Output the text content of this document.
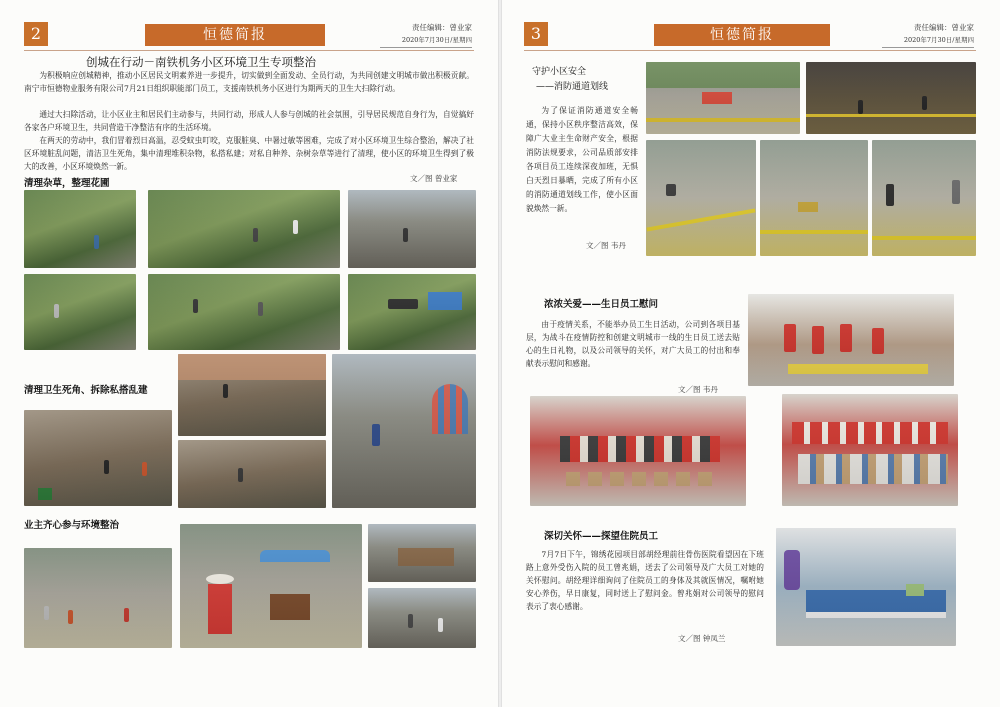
2	恒德简报	责任编辑：曾业家
2020年7月30日/星期四
创城在行动－南铁机务小区环境卫生专项整治

为积极响应创城精神，推动小区居民文明素养进一步提升，切实做到全面发动、全员行动，为共同创建文明城市做出积极贡献。南宁市恒德物业服务有限公司7月21日组织职能部门员工，支援南铁机务小区进行为期两天的卫生大扫除行动。

通过大扫除活动，让小区业主和居民们主动参与，共同行动，形成人人参与创城的社会氛围，引导居民规范自身行为，自觉搞好各家各户环境卫生，共同营造干净整洁有序的生活环境。

在两天的劳动中，我们冒着烈日高温，忍受蚊虫叮咬，克服脏臭、中暑过敏等困难，完成了对小区环境卫生综合整治，解决了社区环境脏乱问题，清洁卫生死角，集中清理堆积杂物，私搭私建；对私自种养、杂树杂草等进行了清理，使小区的环境卫生得到了极大的改善，小区环境焕然一新。

文／图 曾业家
清理杂草，整理花圃
清理卫生死角、拆除私搭乱建
业主齐心参与环境整治
3	恒德简报	责任编辑：曾业家
2020年7月30日/星期四
守护小区安全
——消防通道划线

为了保证消防通道安全畅通，保持小区秩序整洁高效，保障广大业主生命财产安全，根据消防法规要求，公司品质部安排各项目员工连续深夜加班，无惧白天烈日暴晒，完成了所有小区的消防通道划线工作，使小区面貌焕然一新。

文／图 韦丹
浓浓关爱——生日员工慰问

由于疫情关系，不能举办员工生日活动，公司到各项目基层，为战斗在疫情防控和创建文明城市一线的生日员工送去贴心的生日礼物，以及公司领导的关怀，对广大员工的付出和奉献表示慰问和感谢。

文／图 韦丹
深切关怀——探望住院员工

7月7日下午，锦绣花园项目部胡经理前往骨伤医院看望因在下班路上意外受伤入院的员工曾兆娟，送去了公司领导及广大员工对她的关怀慰问。胡经理详细询问了住院员工的身体及其就医情况，嘱咐她安心养伤，早日康复，同时送上了慰问金。曾兆娟对公司领导的慰问表示了衷心感谢。

文／图 钟凤兰
